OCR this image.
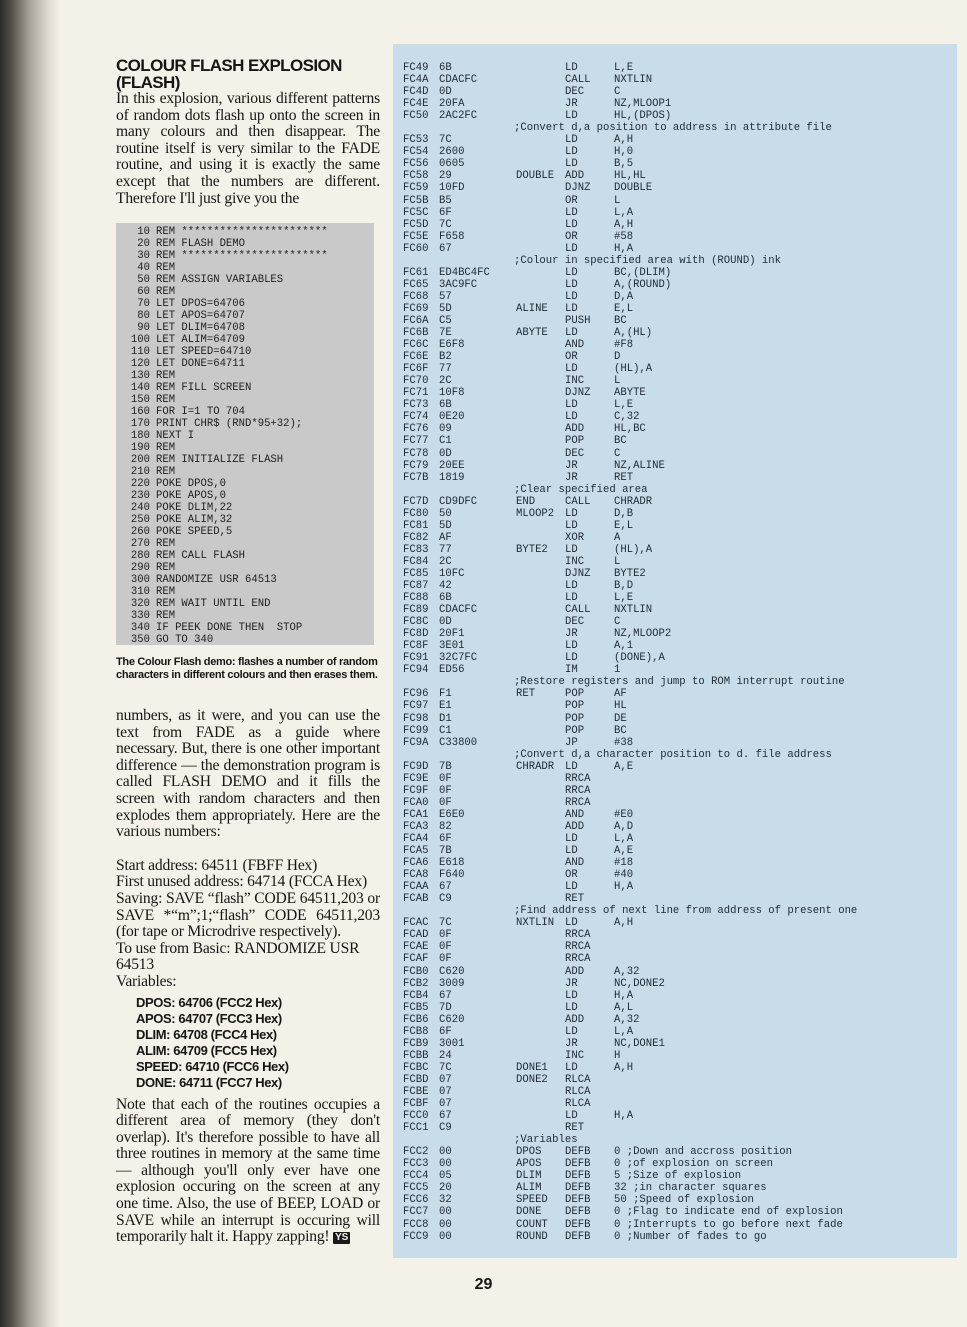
COLOUR FLASH EXPLOSION (FLASH)

In this explosion, various different patterns of random dots flash up onto the screen in many colours and then disappear. The routine itself is very similar to the FADE routine, and using it is exactly the same except that the numbers are different. Therefore I'll just give you the

10 REM ***********************
20 REM FLASH DEMO
30 REM ***********************
40 REM
50 REM ASSIGN VARIABLES
60 REM
70 LET DPOS=64706
80 LET APOS=64707
90 LET DLIM=64708
100 LET ALIM=64709
110 LET SPEED=64710
120 LET DONE=64711
130 REM
140 REM FILL SCREEN
150 REM
160 FOR I=1 TO 704
170 PRINT CHR$ (RND*95+32);
180 NEXT I
190 REM
200 REM INITIALIZE FLASH
210 REM
220 POKE DPOS,0
230 POKE APOS,0
240 POKE DLIM,22
250 POKE ALIM,32
260 POKE SPEED,5
270 REM
280 REM CALL FLASH
290 REM
300 RANDOMIZE USR 64513
310 REM
320 REM WAIT UNTIL END
330 REM
340 IF PEEK DONE THEN  STOP
350 GO TO 340

The Colour Flash demo: flashes a number of random characters in different colours and then erases them.

numbers, as it were, and you can use the text from FADE as a guide where necessary. But, there is one other important difference — the demonstration program is called FLASH DEMO and it fills the screen with random characters and then explodes them appropriately. Here are the various numbers:

Start address: 64511 (FBFF Hex)

First unused address: 64714 (FCCA Hex)

Saving: SAVE “flash” CODE 64511,203 or SAVE *“m”;1;“flash” CODE 64511,203 (for tape or Microdrive respectively).

To use from Basic: RANDOMIZE USR 64513

Variables:

DPOS: 64706 (FCC2 Hex)
APOS: 64707 (FCC3 Hex)
DLIM: 64708 (FCC4 Hex)
ALIM: 64709 (FCC5 Hex)
SPEED: 64710 (FCC6 Hex)
DONE: 64711 (FCC7 Hex)

Note that each of the routines occupies a different area of memory (they don't overlap). It's therefore possible to have all three routines in memory at the same time — although you'll only ever have one explosion occuring on the screen at any one time. Also, the use of BEEP, LOAD or SAVE while an interrupt is occuring will temporarily halt it. Happy zapping! YS

FC49 6B	LD	L,E
FC4A CDACFC	CALL NXTLIN
FC4D 0D	DEC	C
FC4E 20FA	JR	NZ,MLOOP1
FC50 2AC2FC	LD	HL,(DPOS)
;Convert d,a position to address in attribute file
FC53 7C	LD	A,H
FC54 2600	LD	H,0
FC56 0605	LD	B,5
FC58 29	DOUBLE ADD	HL,HL
FC59 10FD	DJNZ DOUBLE
FC5B B5	OR	L
FC5C 6F	LD	L,A
FC5D 7C	LD	A,H
FC5E F658	OR	#58
FC60 67	LD	H,A
;Colour in specified area with (ROUND) ink
FC61 ED4BC4FC	LD	BC,(DLIM)
FC65 3AC9FC	LD	A,(ROUND)
FC68 57	LD	D,A
FC69 5D	ALINE LD	E,L
FC6A C5	PUSH BC
FC6B 7E	ABYTE LD	A,(HL)
FC6C E6F8	AND	#F8
FC6E B2	OR	D
FC6F 77	LD	(HL),A
FC70 2C	INC	L
FC71 10F8	DJNZ ABYTE
FC73 6B	LD	L,E
FC74 0E20	LD	C,32
FC76 09	ADD	HL,BC
FC77 C1	POP	BC
FC78 0D	DEC	C
FC79 20EE	JR	NZ,ALINE
FC7B 1819	JR	RET
;Clear specified area
FC7D CD9DFC	END	CALL CHRADR
FC80 50	MLOOP2 LD	D,B
FC81 5D	LD	E,L
FC82 AF	XOR	A
FC83 77	BYTE2 LD	(HL),A
FC84 2C	INC	L
FC85 10FC	DJNZ BYTE2
FC87 42	LD	B,D
FC88 6B	LD	L,E
FC89 CDACFC	CALL NXTLIN
FC8C 0D	DEC	C
FC8D 20F1	JR	NZ,MLOOP2
FC8F 3E01	LD	A,1
FC91 32C7FC	LD	(DONE),A
FC94 ED56	IM	1
;Restore registers and jump to ROM interrupt routine
FC96 F1	RET	POP	AF
FC97 E1	POP	HL
FC98 D1	POP	DE
FC99 C1	POP	BC
FC9A C33800	JP	#38
;Convert d,a character position to d. file address
FC9D 7B	CHRADR LD	A,E
FC9E 0F	RRCA
FC9F 0F	RRCA
FCA0 0F	RRCA
FCA1 E6E0	AND	#E0
FCA3 82	ADD	A,D
FCA4 6F	LD	L,A
FCA5 7B	LD	A,E
FCA6 E618	AND	#18
FCA8 F640	OR	#40
FCAA 67	LD	H,A
FCAB C9	RET
;Find address of next line from address of present one
FCAC 7C	NXTLIN LD	A,H
FCAD 0F	RRCA
FCAE 0F	RRCA
FCAF 0F	RRCA
FCB0 C620	ADD	A,32
FCB2 3009	JR	NC,DONE2
FCB4 67	LD	H,A
FCB5 7D	LD	A,L
FCB6 C620	ADD	A,32
FCB8 6F	LD	L,A
FCB9 3001	JR	NC,DONE1
FCBB 24	INC	H
FCBC 7C	DONE1 LD	A,H
FCBD 07	DONE2 RLCA
FCBE 07	RLCA
FCBF 07	RLCA
FCC0 67	LD	H,A
FCC1 C9	RET
;Variables
FCC2 00	DPOS DEFB 0 ;Down and accross position
FCC3 00	APOS DEFB 0 ;of explosion on screen
FCC4 05	DLIM DEFB 5 ;Size of explosion
FCC5 20	ALIM DEFB 32 ;in character squares
FCC6 32	SPEED DEFB 50 ;Speed of explosion
FCC7 00	DONE DEFB 0 ;Flag to indicate end of explosion
FCC8 00	COUNT DEFB 0 ;Interrupts to go before next fade
FCC9 00	ROUND DEFB 0 ;Number of fades to go
29
